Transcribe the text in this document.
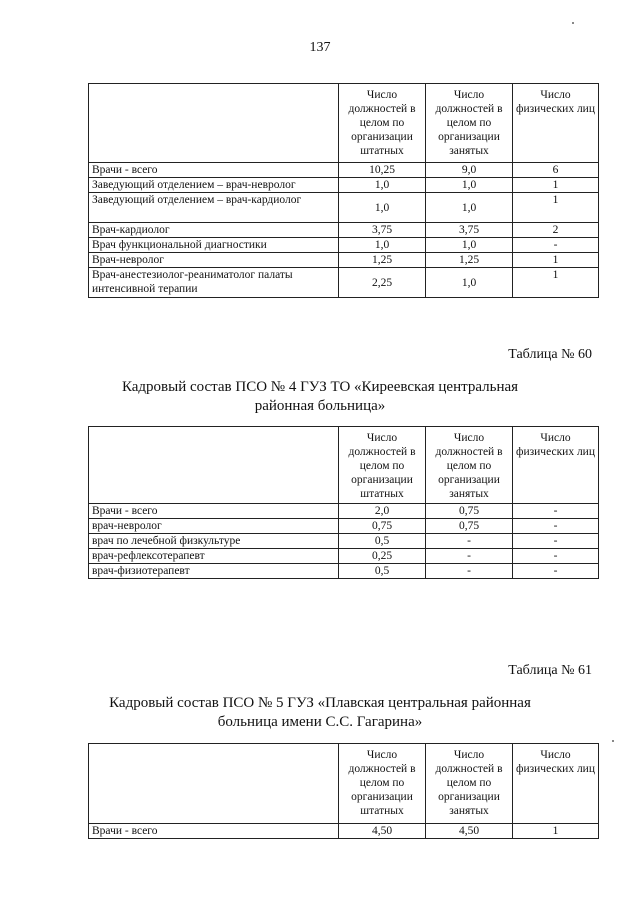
137
	Число должностей в целом по организации штатных	Число должностей в целом по организации занятых	Число физических лиц
Врачи - всего	10,25	9,0	6
Заведующий отделением – врач-невролог	1,0	1,0	1
Заведующий отделением – врач-кардиолог	1,0	1,0	1
Врач-кардиолог	3,75	3,75	2
Врач функциональной диагностики	1,0	1,0	-
Врач-невролог	1,25	1,25	1
Врач-анестезиолог-реаниматолог палаты интенсивной терапии	2,25	1,0	1
Таблица № 60
Кадровый состав ПСО № 4 ГУЗ ТО «Киреевская центральная
районная больница»
	Число должностей в целом по организации штатных	Число должностей в целом по организации занятых	Число физических лиц
Врачи - всего	2,0	0,75	-
врач-невролог	0,75	0,75	-
врач по лечебной физкультуре	0,5	-	-
врач-рефлексотерапевт	0,25	-	-
врач-физиотерапевт	0,5	-	-
Таблица № 61
Кадровый состав ПСО № 5 ГУЗ «Плавская центральная районная
больница имени С.С. Гагарина»
	Число должностей в целом по организации штатных	Число должностей в целом по организации занятых	Число физических лиц
Врачи - всего	4,50	4,50	1
